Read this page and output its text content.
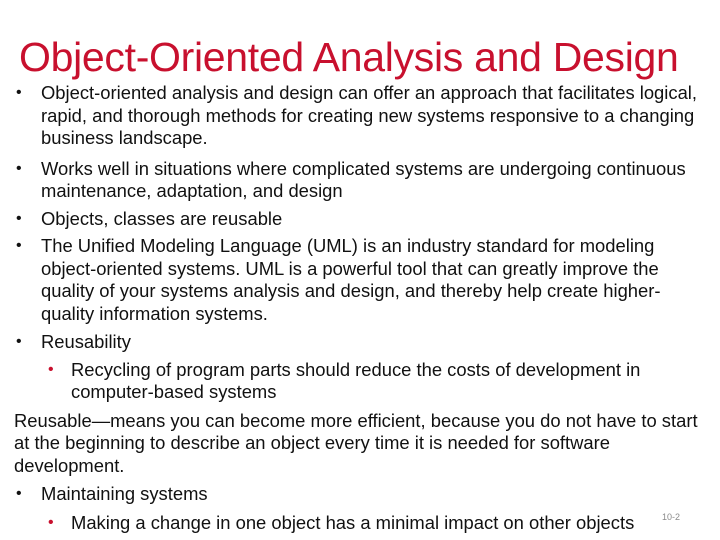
Object-Oriented Analysis and Design
• Object-oriented analysis and design can offer an approach that facilitates logical, rapid, and thorough methods for creating new systems responsive to a changing business landscape.
• Works well in situations where complicated systems are undergoing continuous maintenance, adaptation, and design
• Objects, classes are reusable
• The Unified Modeling Language (UML) is an industry standard for modeling object-oriented systems. UML is a powerful tool that can greatly improve the quality of your systems analysis and design, and thereby help create higher-quality information systems.
• Reusability
• Recycling of program parts should reduce the costs of development in computer-based systems
Reusable—means you can become more efficient, because you do not have to start at the beginning to describe an object every time it is needed for software development.
• Maintaining systems
• Making a change in one object has a minimal impact on other objects	10-2
